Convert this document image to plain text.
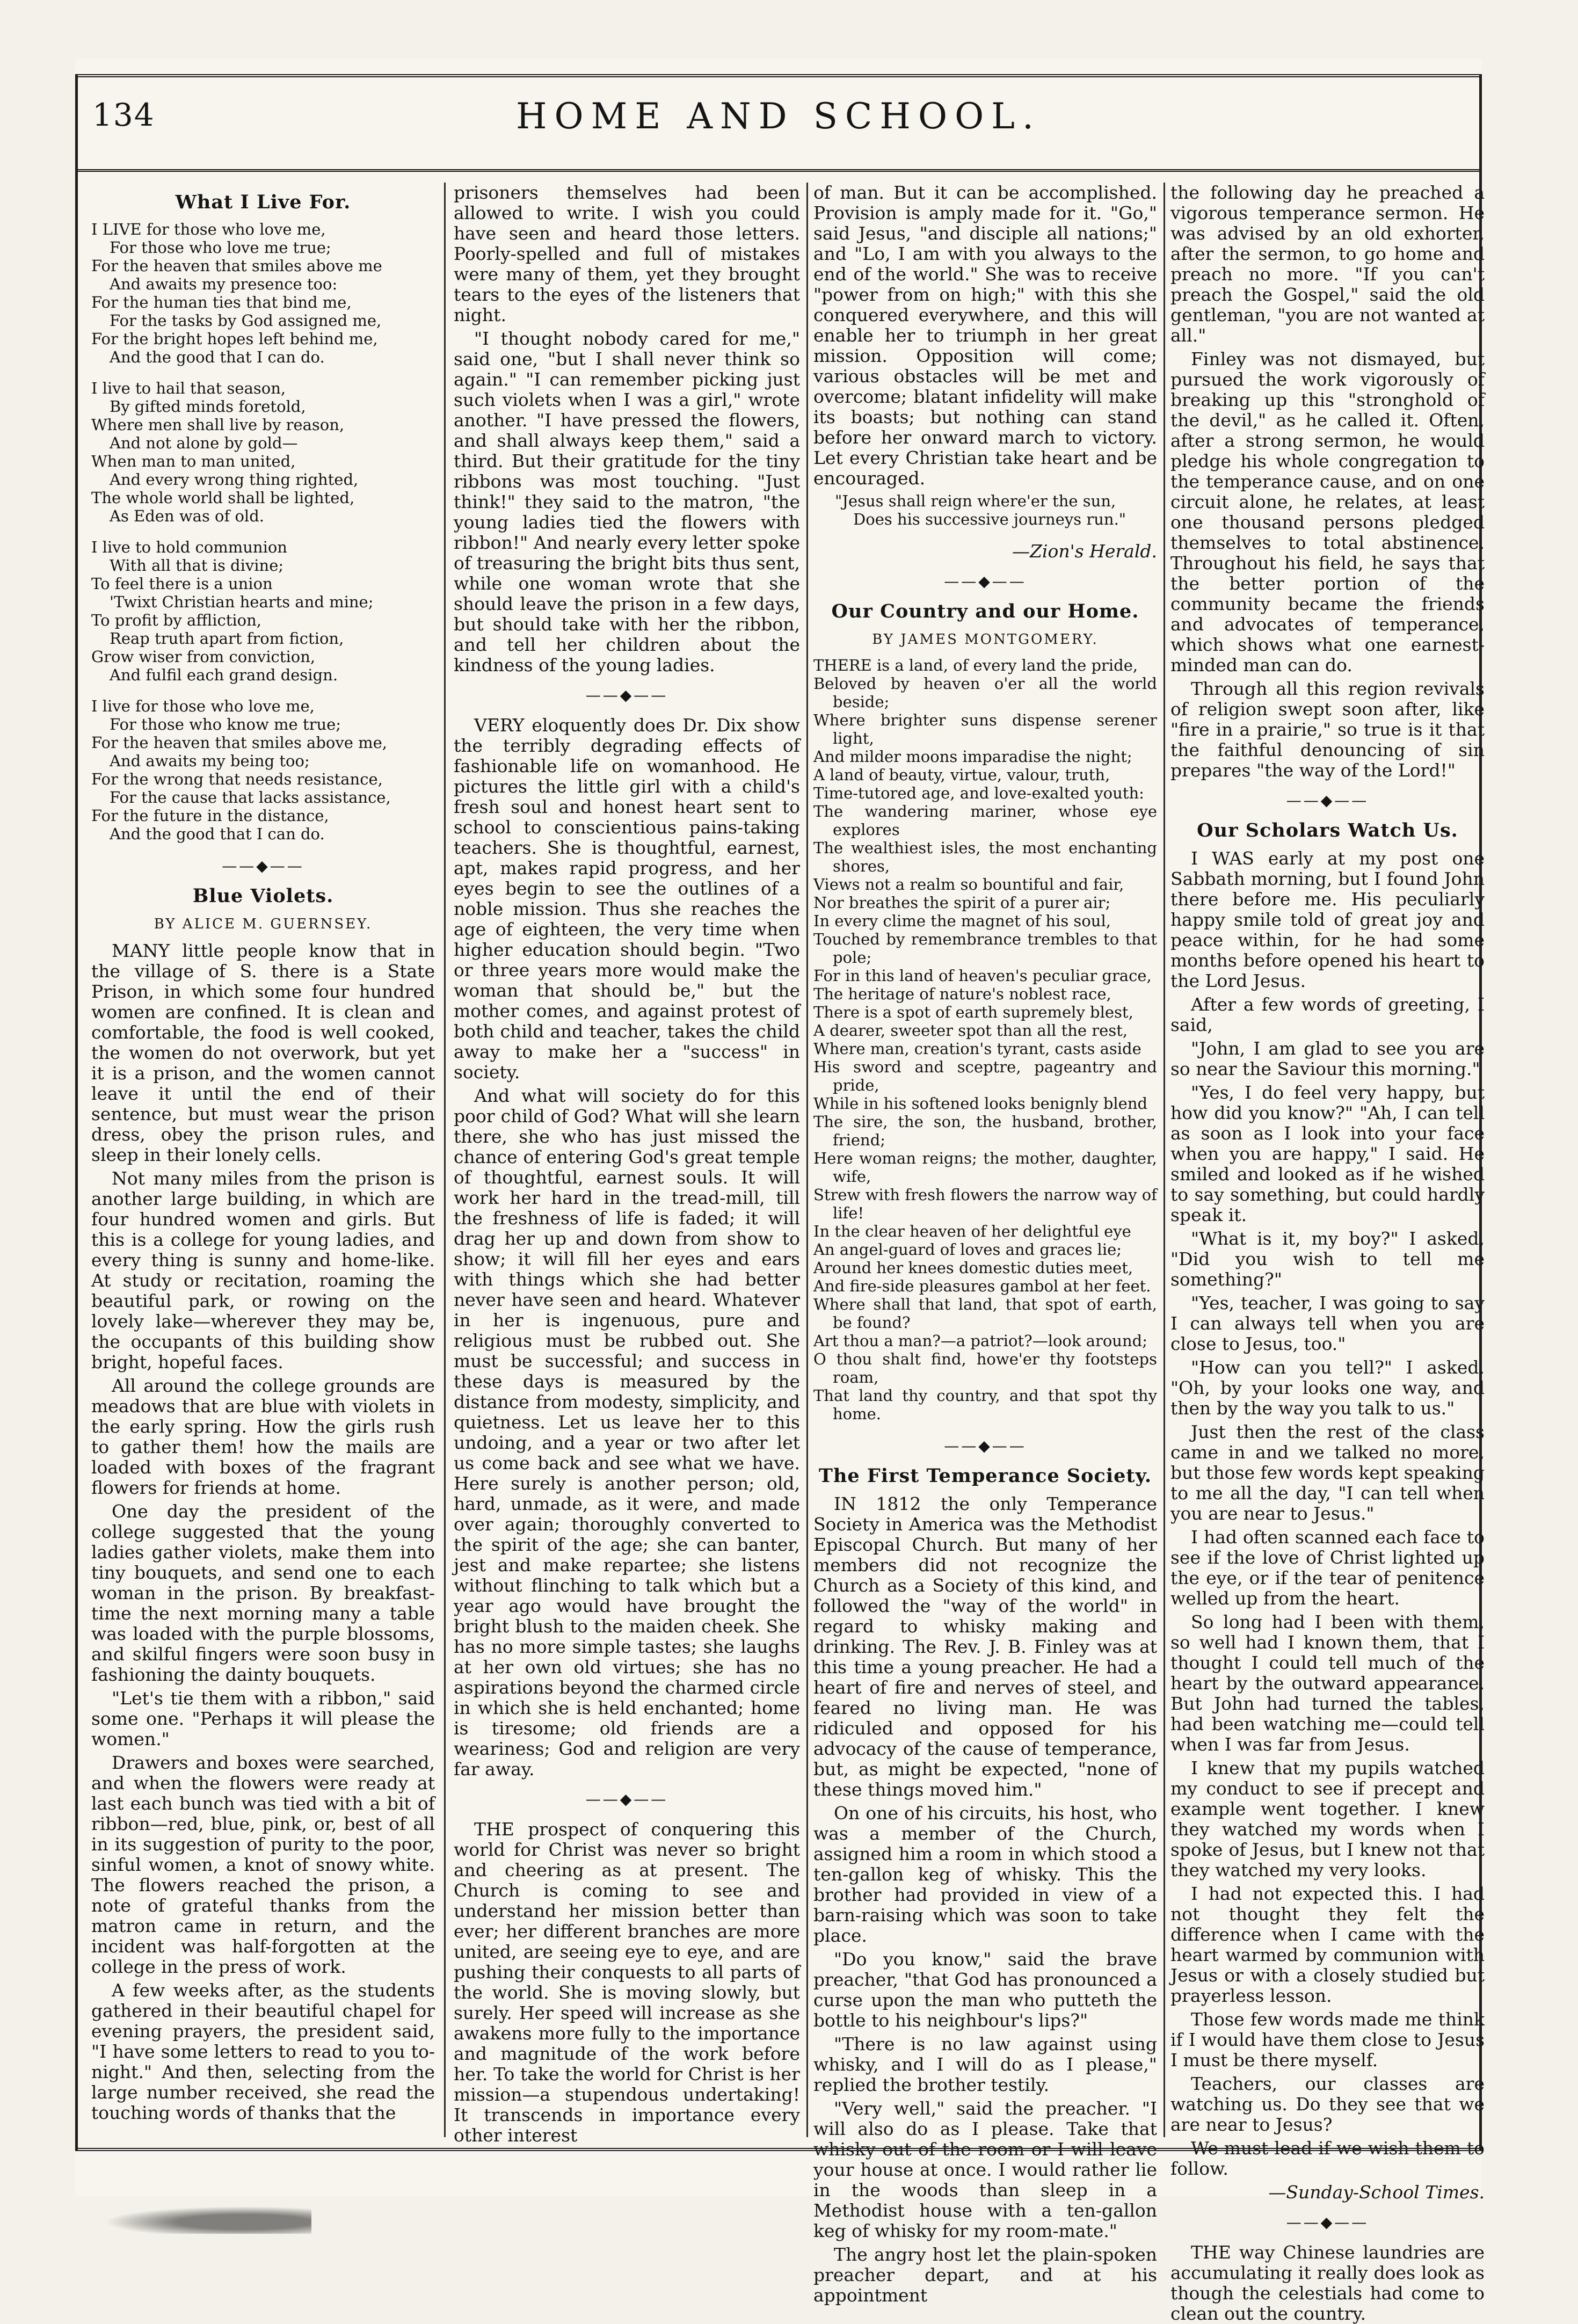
134	HOME AND SCHOOL.
What I Live For.
I LIVE for those who love me,
For those who love me true;
For the heaven that smiles above me
And awaits my presence too:
For the human ties that bind me,
For the tasks by God assigned me,
For the bright hopes left behind me,
And the good that I can do.
I live to hail that season,
By gifted minds foretold,
Where men shall live by reason,
And not alone by gold—
When man to man united,
And every wrong thing righted,
The whole world shall be lighted,
As Eden was of old.
I live to hold communion
With all that is divine;
To feel there is a union
'Twixt Christian hearts and mine;
To profit by affliction,
Reap truth apart from fiction,
Grow wiser from conviction,
And fulfil each grand design.
I live for those who love me,
For those who know me true;
For the heaven that smiles above me,
And awaits my being too;
For the wrong that needs resistance,
For the cause that lacks assistance,
For the future in the distance,
And the good that I can do.
——◆——
Blue Violets.
BY ALICE M. GUERNSEY.

MANY little people know that in the village of S. there is a State Prison, in which some four hundred women are confined. It is clean and comfortable, the food is well cooked, the women do not overwork, but yet it is a prison, and the women cannot leave it until the end of their sentence, but must wear the prison dress, obey the prison rules, and sleep in their lonely cells.

Not many miles from the prison is another large building, in which are four hundred women and girls. But this is a college for young ladies, and every thing is sunny and home-like. At study or recitation, roaming the beautiful park, or rowing on the lovely lake—wherever they may be, the occupants of this building show bright, hopeful faces.

All around the college grounds are meadows that are blue with violets in the early spring. How the girls rush to gather them! how the mails are loaded with boxes of the fragrant flowers for friends at home.

One day the president of the college suggested that the young ladies gather violets, make them into tiny bouquets, and send one to each woman in the prison. By breakfast-time the next morning many a table was loaded with the purple blossoms, and skilful fingers were soon busy in fashioning the dainty bouquets.

"Let's tie them with a ribbon," said some one. "Perhaps it will please the women."

Drawers and boxes were searched, and when the flowers were ready at last each bunch was tied with a bit of ribbon—red, blue, pink, or, best of all in its suggestion of purity to the poor, sinful women, a knot of snowy white. The flowers reached the prison, a note of grateful thanks from the matron came in return, and the incident was half-forgotten at the college in the press of work.

A few weeks after, as the students gathered in their beautiful chapel for evening prayers, the president said, "I have some letters to read to you to-night." And then, selecting from the large number received, she read the touching words of thanks that the

prisoners themselves had been allowed to write. I wish you could have seen and heard those letters. Poorly-spelled and full of mistakes were many of them, yet they brought tears to the eyes of the listeners that night.

"I thought nobody cared for me," said one, "but I shall never think so again." "I can remember picking just such violets when I was a girl," wrote another. "I have pressed the flowers, and shall always keep them," said a third. But their gratitude for the tiny ribbons was most touching. "Just think!" they said to the matron, "the young ladies tied the flowers with ribbon!" And nearly every letter spoke of treasuring the bright bits thus sent, while one woman wrote that she should leave the prison in a few days, but should take with her the ribbon, and tell her children about the kindness of the young ladies.

——◆——

VERY eloquently does Dr. Dix show the terribly degrading effects of fashionable life on womanhood. He pictures the little girl with a child's fresh soul and honest heart sent to school to conscientious pains-taking teachers. She is thoughtful, earnest, apt, makes rapid progress, and her eyes begin to see the outlines of a noble mission. Thus she reaches the age of eighteen, the very time when higher education should begin. "Two or three years more would make the woman that should be," but the mother comes, and against protest of both child and teacher, takes the child away to make her a "success" in society.

And what will society do for this poor child of God? What will she learn there, she who has just missed the chance of entering God's great temple of thoughtful, earnest souls. It will work her hard in the tread-mill, till the freshness of life is faded; it will drag her up and down from show to show; it will fill her eyes and ears with things which she had better never have seen and heard. Whatever in her is ingenuous, pure and religious must be rubbed out. She must be successful; and success in these days is measured by the distance from modesty, simplicity, and quietness. Let us leave her to this undoing, and a year or two after let us come back and see what we have. Here surely is another person; old, hard, unmade, as it were, and made over again; thoroughly converted to the spirit of the age; she can banter, jest and make repartee; she listens without flinching to talk which but a year ago would have brought the bright blush to the maiden cheek. She has no more simple tastes; she laughs at her own old virtues; she has no aspirations beyond the charmed circle in which she is held enchanted; home is tiresome; old friends are a weariness; God and religion are very far away.

——◆——

THE prospect of conquering this world for Christ was never so bright and cheering as at present. The Church is coming to see and understand her mission better than ever; her different branches are more united, are seeing eye to eye, and are pushing their conquests to all parts of the world. She is moving slowly, but surely. Her speed will increase as she awakens more fully to the importance and magnitude of the work before her. To take the world for Christ is her mission—a stupendous undertaking! It transcends in importance every other interest

of man. But it can be accomplished. Provision is amply made for it. "Go," said Jesus, "and disciple all nations;" and "Lo, I am with you always to the end of the world." She was to receive "power from on high;" with this she conquered everywhere, and this will enable her to triumph in her great mission. Opposition will come; various obstacles will be met and overcome; blatant infidelity will make its boasts; but nothing can stand before her onward march to victory. Let every Christian take heart and be encouraged.

"Jesus shall reign where'er the sun,
Does his successive journeys run."
—Zion's Herald.
——◆——
Our Country and our Home.
BY JAMES MONTGOMERY.
THERE is a land, of every land the pride,
Beloved by heaven o'er all the world beside;
Where brighter suns dispense serener light,
And milder moons imparadise the night;
A land of beauty, virtue, valour, truth,
Time-tutored age, and love-exalted youth:
The wandering mariner, whose eye explores
The wealthiest isles, the most enchanting shores,
Views not a realm so bountiful and fair,
Nor breathes the spirit of a purer air;
In every clime the magnet of his soul,
Touched by remembrance trembles to that pole;
For in this land of heaven's peculiar grace,
The heritage of nature's noblest race,
There is a spot of earth supremely blest,
A dearer, sweeter spot than all the rest,
Where man, creation's tyrant, casts aside
His sword and sceptre, pageantry and pride,
While in his softened looks benignly blend
The sire, the son, the husband, brother, friend;
Here woman reigns; the mother, daughter, wife,
Strew with fresh flowers the narrow way of life!
In the clear heaven of her delightful eye
An angel-guard of loves and graces lie;
Around her knees domestic duties meet,
And fire-side pleasures gambol at her feet.
Where shall that land, that spot of earth, be found?
Art thou a man?—a patriot?—look around;
O thou shalt find, howe'er thy footsteps roam,
That land thy country, and that spot thy home.
——◆——
The First Temperance Society.

IN 1812 the only Temperance Society in America was the Methodist Episcopal Church. But many of her members did not recognize the Church as a Society of this kind, and followed the "way of the world" in regard to whisky making and drinking. The Rev. J. B. Finley was at this time a young preacher. He had a heart of fire and nerves of steel, and feared no living man. He was ridiculed and opposed for his advocacy of the cause of temperance, but, as might be expected, "none of these things moved him."

On one of his circuits, his host, who was a member of the Church, assigned him a room in which stood a ten-gallon keg of whisky. This the brother had provided in view of a barn-raising which was soon to take place.

"Do you know," said the brave preacher, "that God has pronounced a curse upon the man who putteth the bottle to his neighbour's lips?"

"There is no law against using whisky, and I will do as I please," replied the brother testily.

"Very well," said the preacher. "I will also do as I please. Take that whisky out of the room or I will leave your house at once. I would rather lie in the woods than sleep in a Methodist house with a ten-gallon keg of whisky for my room-mate."

The angry host let the plain-spoken preacher depart, and at his appointment

the following day he preached a vigorous temperance sermon. He was advised by an old exhorter, after the sermon, to go home and preach no more. "If you can't preach the Gospel," said the old gentleman, "you are not wanted at all."

Finley was not dismayed, but pursued the work vigorously of breaking up this "stronghold of the devil," as he called it. Often, after a strong sermon, he would pledge his whole congregation to the temperance cause, and on one circuit alone, he relates, at least one thousand persons pledged themselves to total abstinence. Throughout his field, he says that the better portion of the community became the friends and advocates of temperance, which shows what one earnest-minded man can do.

Through all this region revivals of religion swept soon after, like "fire in a prairie," so true is it that the faithful denouncing of sin prepares "the way of the Lord!"

——◆——
Our Scholars Watch Us.

I WAS early at my post one Sabbath morning, but I found John there before me. His peculiarly happy smile told of great joy and peace within, for he had some months before opened his heart to the Lord Jesus.

After a few words of greeting, I said,

"John, I am glad to see you are so near the Saviour this morning."

"Yes, I do feel very happy, but how did you know?" "Ah, I can tell as soon as I look into your face when you are happy," I said. He smiled and looked as if he wished to say something, but could hardly speak it.

"What is it, my boy?" I asked, "Did you wish to tell me something?"

"Yes, teacher, I was going to say I can always tell when you are close to Jesus, too."

"How can you tell?" I asked. "Oh, by your looks one way, and then by the way you talk to us."

Just then the rest of the class came in and we talked no more, but those few words kept speaking to me all the day, "I can tell when you are near to Jesus."

I had often scanned each face to see if the love of Christ lighted up the eye, or if the tear of penitence welled up from the heart.

So long had I been with them, so well had I known them, that I thought I could tell much of the heart by the outward appearance. But John had turned the tables, had been watching me—could tell when I was far from Jesus.

I knew that my pupils watched my conduct to see if precept and example went together. I knew they watched my words when I spoke of Jesus, but I knew not that they watched my very looks.

I had not expected this. I had not thought they felt the difference when I came with the heart warmed by communion with Jesus or with a closely studied but prayerless lesson.

Those few words made me think if I would have them close to Jesus I must be there myself.

Teachers, our classes are watching us. Do they see that we are near to Jesus?

We must lead if we wish them to follow.

—Sunday-School Times.
——◆——

THE way Chinese laundries are accumulating it really does look as though the celestials had come to clean out the country.
